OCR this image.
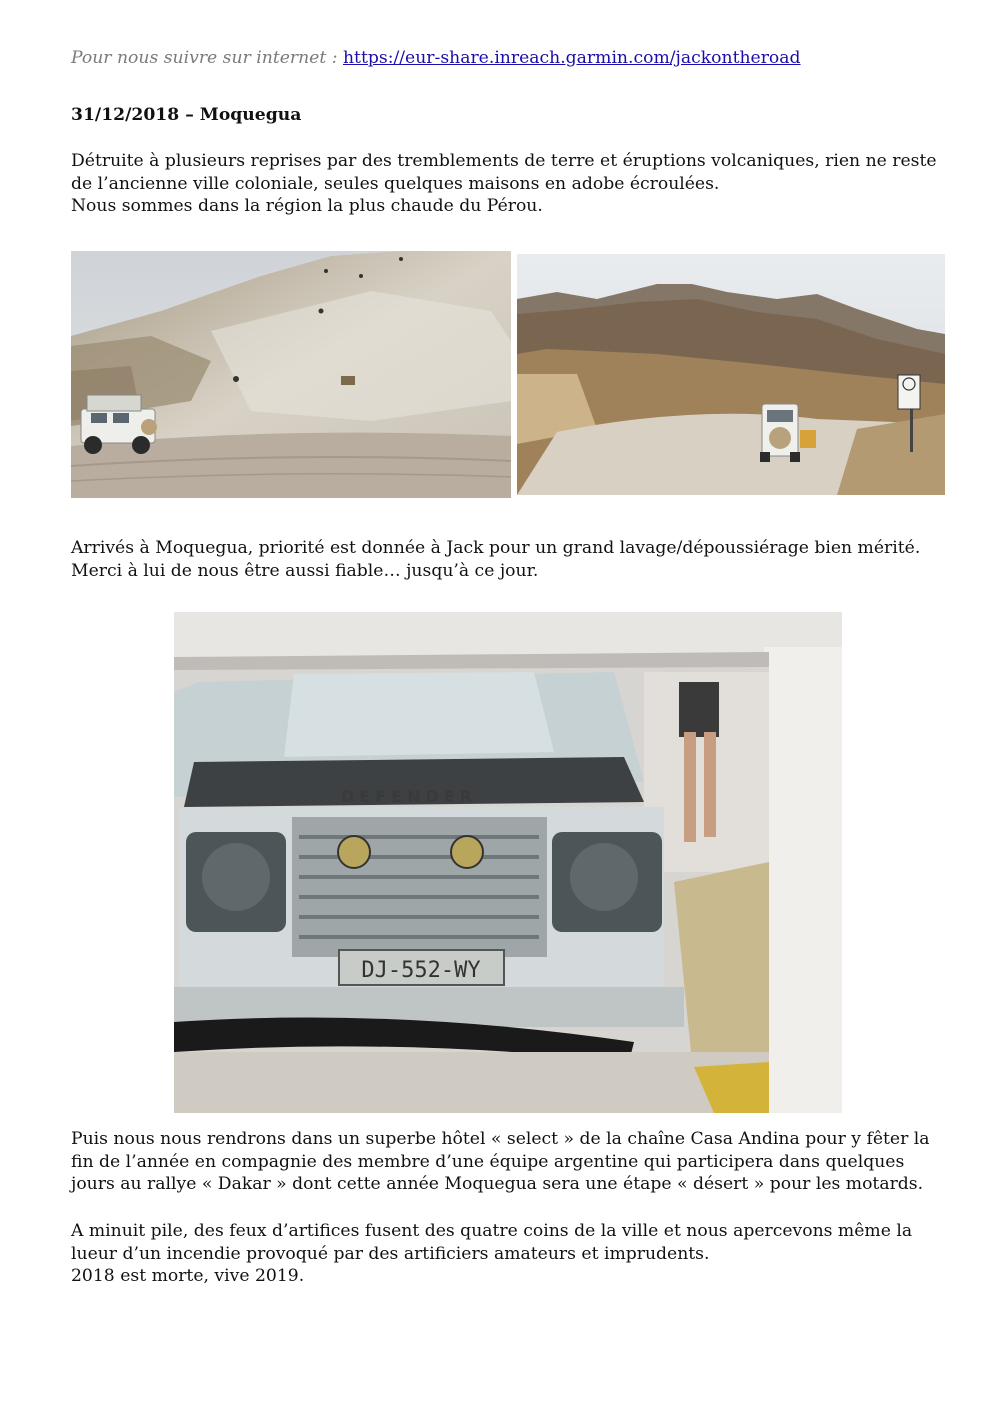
Pour nous suivre sur internet : https://eur-share.inreach.garmin.com/jackontheroad
31/12/2018 – Moquegua
Détruite à plusieurs reprises par des tremblements de terre et éruptions volcaniques, rien ne reste
de l’ancienne ville coloniale, seules quelques maisons en adobe écroulées.
Nous sommes dans la région la plus chaude du Pérou.
Arrivés à Moquegua, priorité est donnée à Jack pour un grand lavage/dépoussiérage bien mérité.
Merci à lui de nous être aussi fiable… jusqu’à ce jour.
DEFENDER
DJ-552-WY
Puis nous nous rendrons dans un superbe hôtel « select » de la chaîne Casa Andina pour y fêter la
fin de l’année en compagnie des membre d’une équipe argentine qui participera dans quelques
jours au rallye « Dakar » dont cette année Moquegua sera une étape « désert » pour les motards.
A minuit pile, des feux d’artifices fusent des quatre coins de la ville et nous apercevons même la
lueur d’un incendie provoqué par des artificiers amateurs et imprudents.
2018 est morte, vive 2019.
